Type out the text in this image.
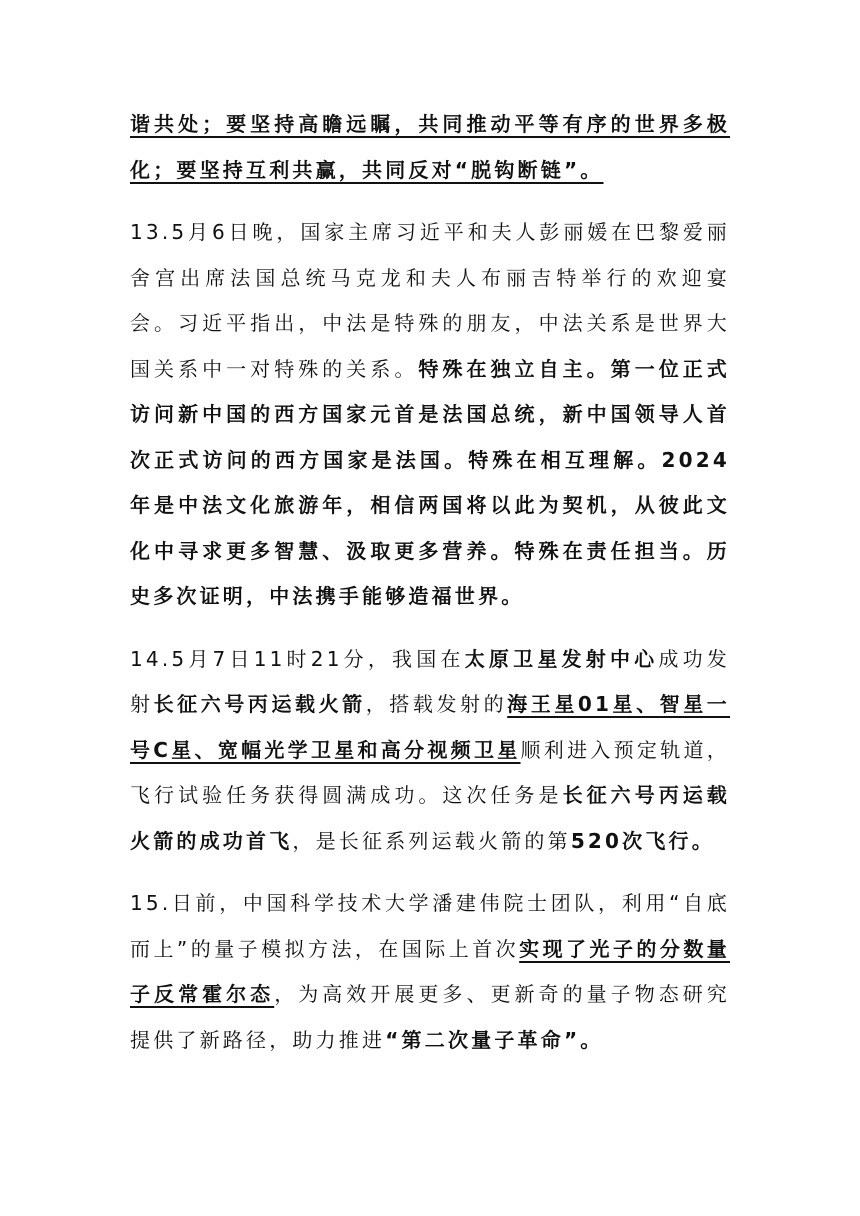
谐共处；要坚持高瞻远瞩，共同推动平等有序的世界多极化；要坚持互利共赢，共同反对“脱钩断链”。

13.5月6日晚，国家主席习近平和夫人彭丽媛在巴黎爱丽舍宫出席法国总统马克龙和夫人布丽吉特举行的欢迎宴会。习近平指出，中法是特殊的朋友，中法关系是世界大国关系中一对特殊的关系。特殊在独立自主。第一位正式访问新中国的西方国家元首是法国总统，新中国领导人首次正式访问的西方国家是法国。特殊在相互理解。2024年是中法文化旅游年，相信两国将以此为契机，从彼此文化中寻求更多智慧、汲取更多营养。特殊在责任担当。历史多次证明，中法携手能够造福世界。

14.5月7日11时21分，我国在太原卫星发射中心成功发射长征六号丙运载火箭，搭载发射的海王星01星、智星一号C星、宽幅光学卫星和高分视频卫星顺利进入预定轨道，飞行试验任务获得圆满成功。这次任务是长征六号丙运载火箭的成功首飞，是长征系列运载火箭的第520次飞行。

15.日前，中国科学技术大学潘建伟院士团队，利用“自底而上”的量子模拟方法，在国际上首次实现了光子的分数量子反常霍尔态，为高效开展更多、更新奇的量子物态研究提供了新路径，助力推进“第二次量子革命”。
